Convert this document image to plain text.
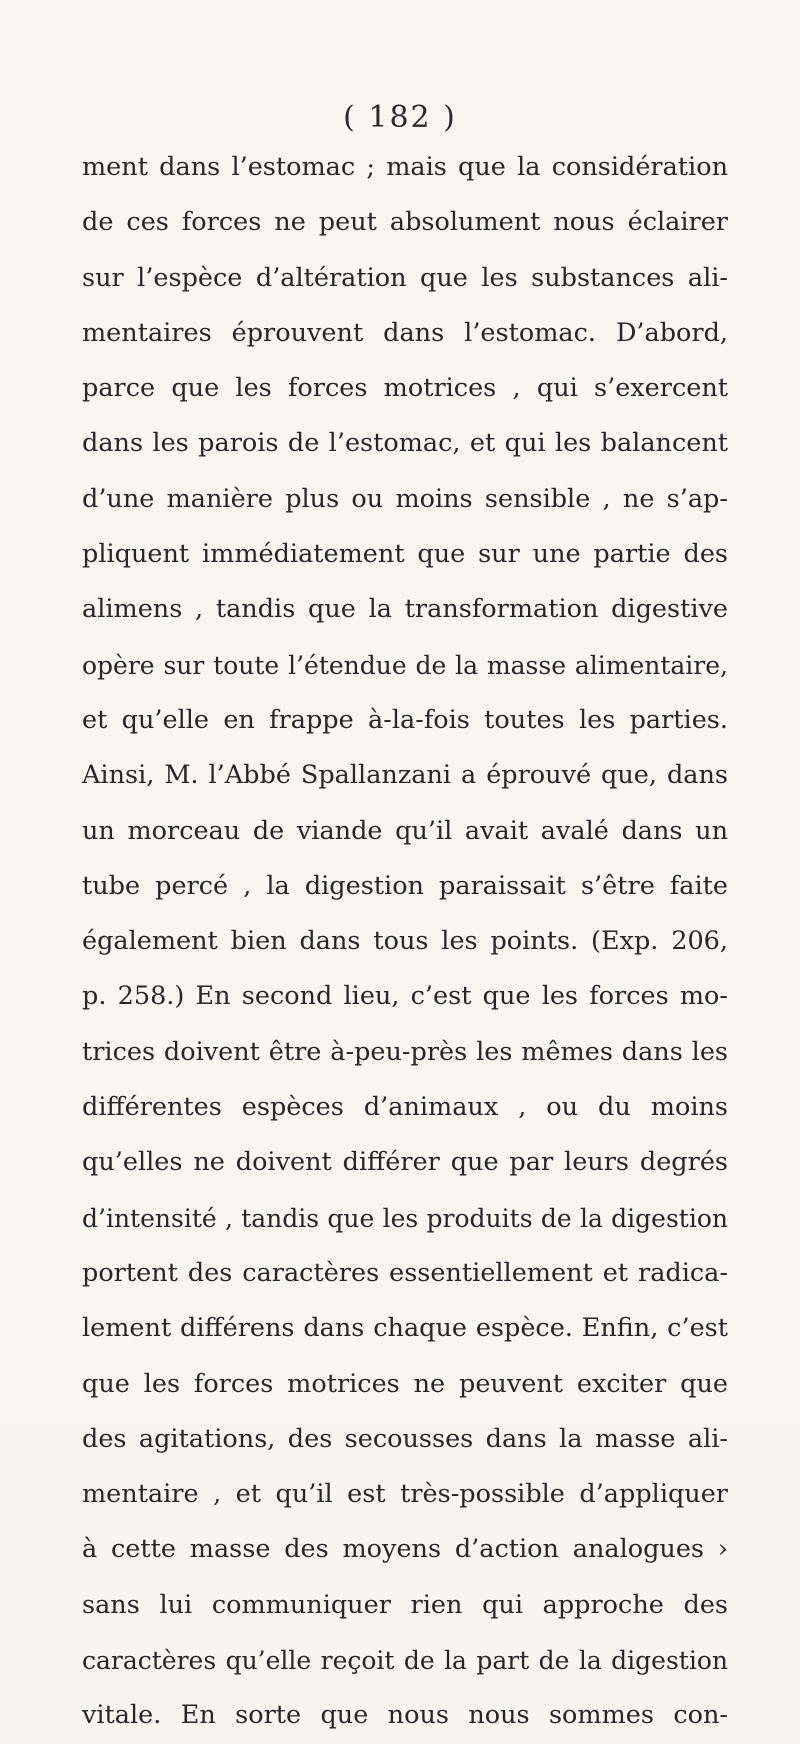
( 182 )
ment dans l’estomac ; mais que la considération
de ces forces ne peut absolument nous éclairer
sur l’espèce d’altération que les substances ali-
mentaires éprouvent dans l’estomac. D’abord,
parce que les forces motrices , qui s’exercent
dans les parois de l’estomac, et qui les balancent
d’une manière plus ou moins sensible , ne s’ap-
pliquent immédiatement que sur une partie des
alimens , tandis que la transformation digestive
opère sur toute l’étendue de la masse alimentaire,
et qu’elle en frappe à-la-fois toutes les parties.
Ainsi, M. l’Abbé Spallanzani a éprouvé que, dans
un morceau de viande qu’il avait avalé dans un
tube percé , la digestion paraissait s’être faite
également bien dans tous les points. (Exp. 206,
p. 258.) En second lieu, c’est que les forces mo-
trices doivent être à-peu-près les mêmes dans les
différentes espèces d’animaux , ou du moins
qu’elles ne doivent différer que par leurs degrés
d’intensité , tandis que les produits de la digestion
portent des caractères essentiellement et radica-
lement différens dans chaque espèce. Enfin, c’est
que les forces motrices ne peuvent exciter que
des agitations, des secousses dans la masse ali-
mentaire , et qu’il est très-possible d’appliquer
à cette masse des moyens d’action analogues ›
sans lui communiquer rien qui approche des
caractères qu’elle reçoit de la part de la digestion
vitale. En sorte que nous nous sommes con-
